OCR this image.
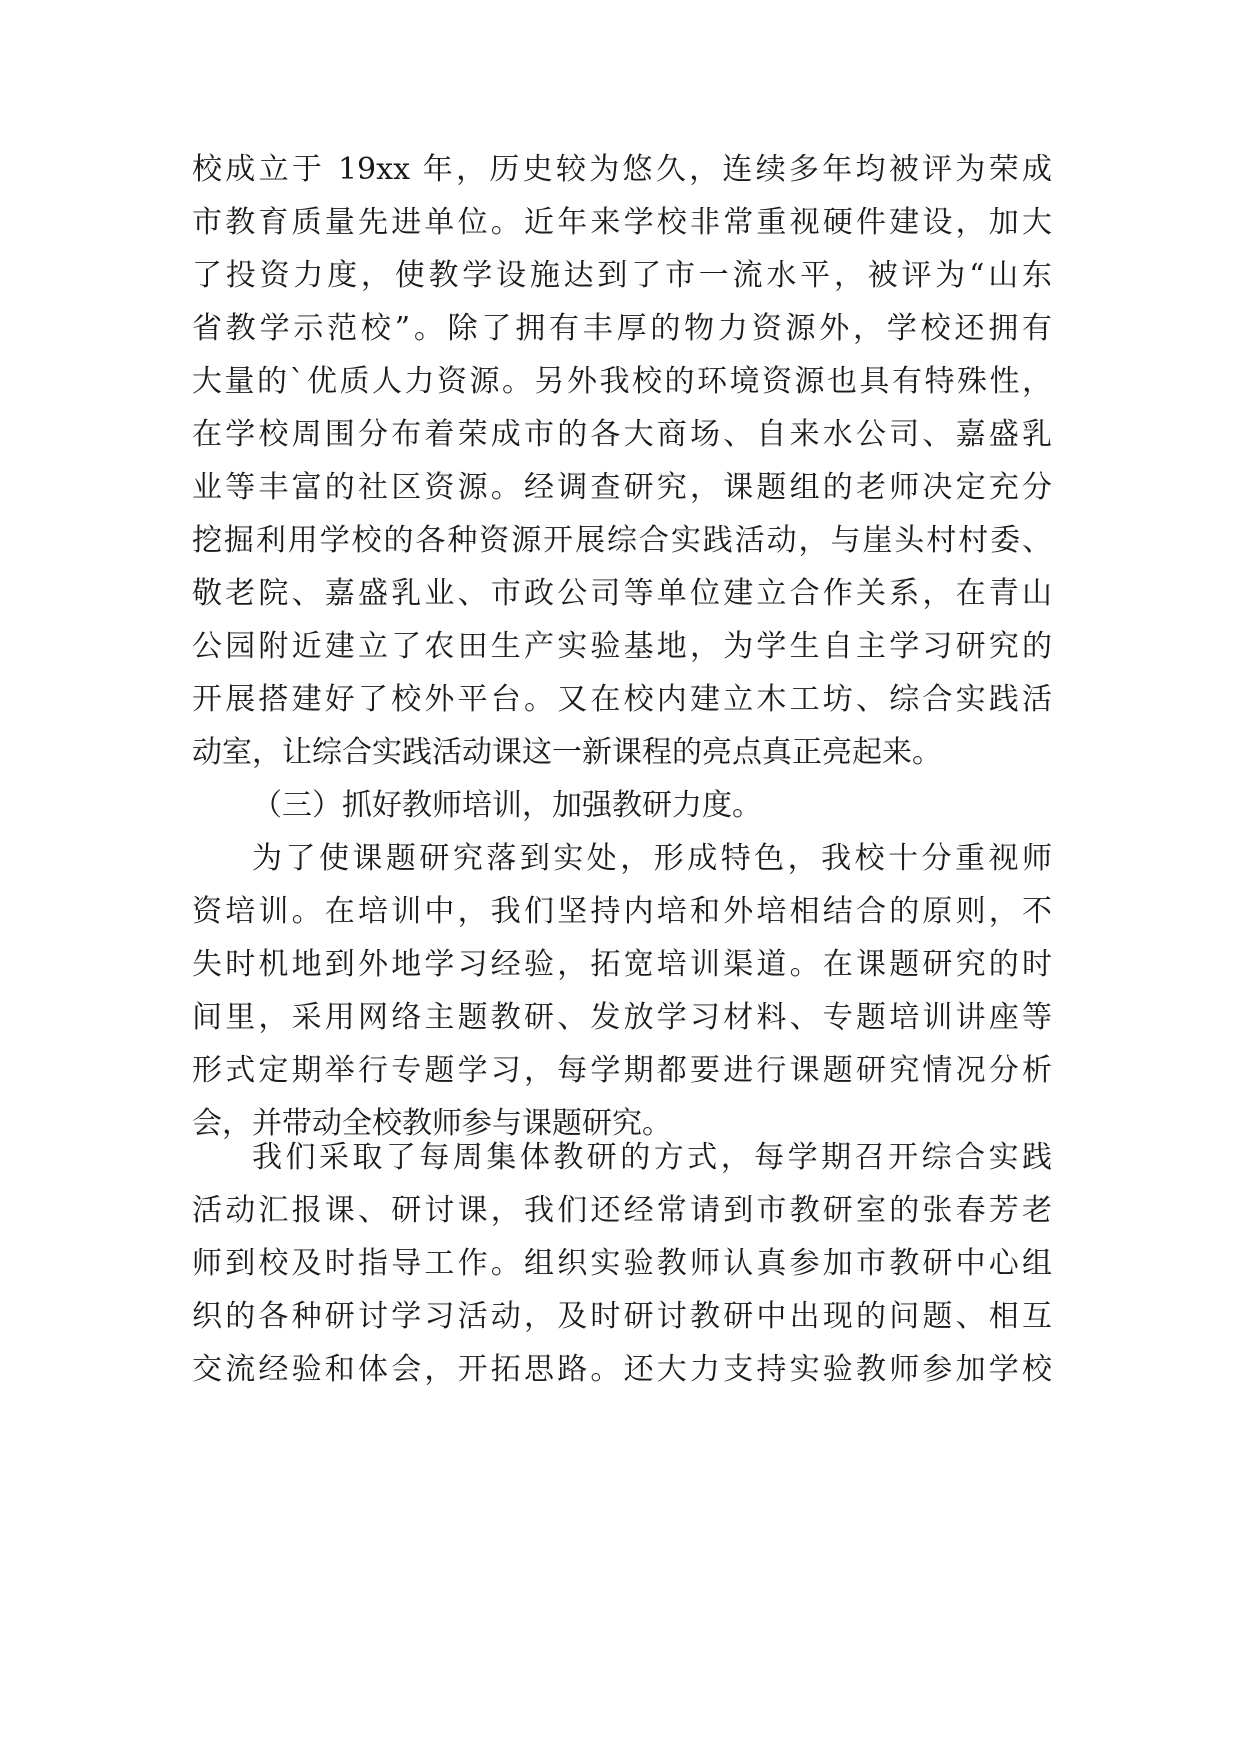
校成立于 19xx 年，历史较为悠久，连续多年均被评为荣成
市教育质量先进单位。近年来学校非常重视硬件建设，加大
了投资力度，使教学设施达到了市一流水平，被评为“山东
省教学示范校”。除了拥有丰厚的物力资源外，学校还拥有
大量的`优质人力资源。另外我校的环境资源也具有特殊性，
在学校周围分布着荣成市的各大商场、自来水公司、嘉盛乳
业等丰富的社区资源。经调查研究，课题组的老师决定充分
挖掘利用学校的各种资源开展综合实践活动，与崖头村村委、
敬老院、嘉盛乳业、市政公司等单位建立合作关系，在青山
公园附近建立了农田生产实验基地，为学生自主学习研究的
开展搭建好了校外平台。又在校内建立木工坊、综合实践活
动室，让综合实践活动课这一新课程的亮点真正亮起来。
（三）抓好教师培训，加强教研力度。
为了使课题研究落到实处，形成特色，我校十分重视师
资培训。在培训中，我们坚持内培和外培相结合的原则，不
失时机地到外地学习经验，拓宽培训渠道。在课题研究的时
间里，采用网络主题教研、发放学习材料、专题培训讲座等
形式定期举行专题学习，每学期都要进行课题研究情况分析
会，并带动全校教师参与课题研究。
我们采取了每周集体教研的方式，每学期召开综合实践
活动汇报课、研讨课，我们还经常请到市教研室的张春芳老
师到校及时指导工作。组织实验教师认真参加市教研中心组
织的各种研讨学习活动，及时研讨教研中出现的问题、相互
交流经验和体会，开拓思路。还大力支持实验教师参加学校
